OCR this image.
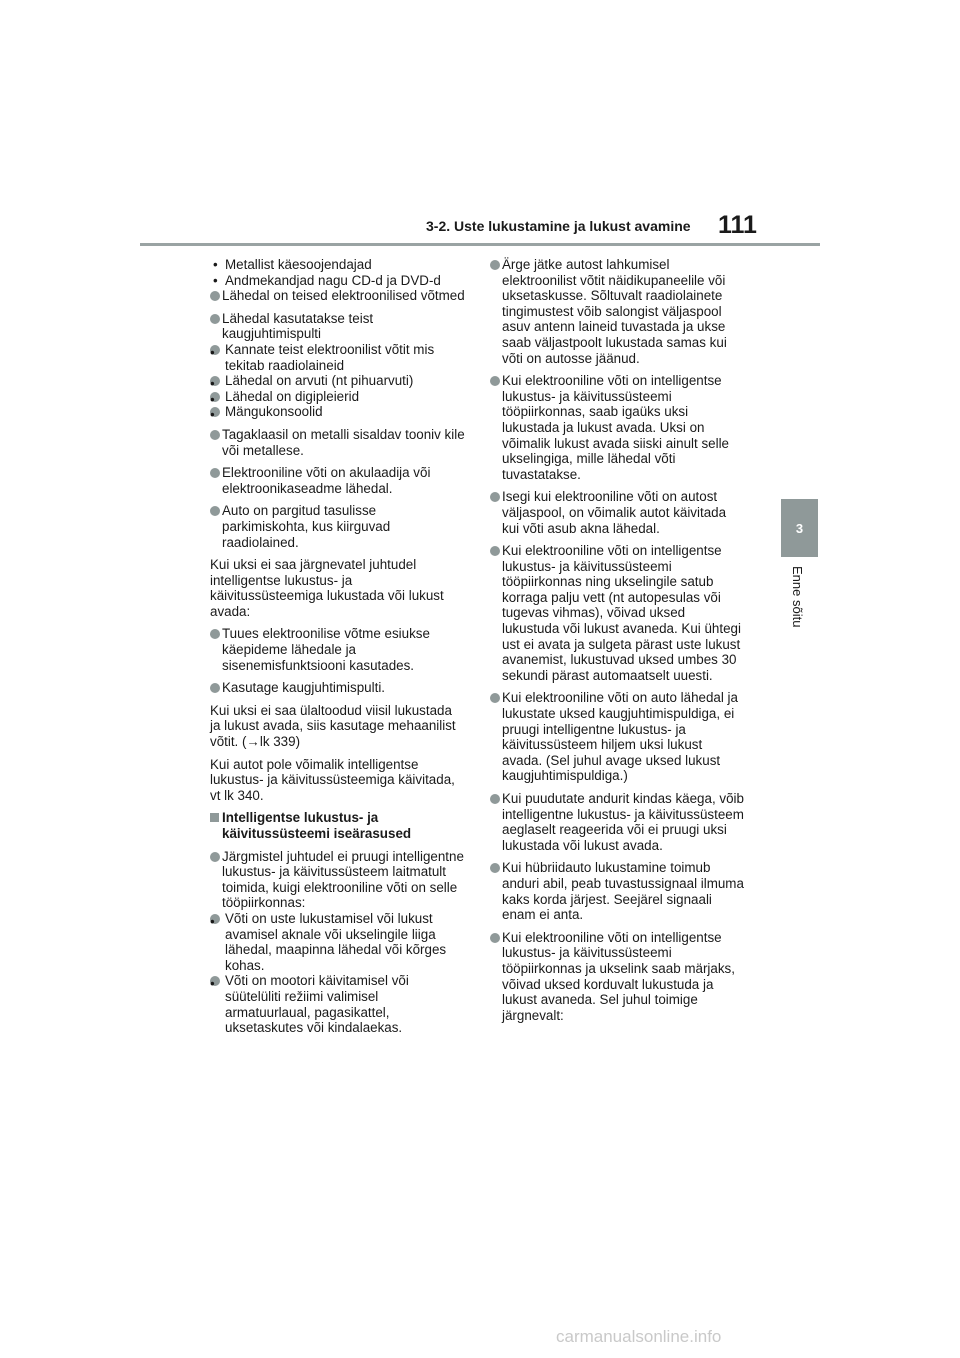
3-2. Uste lukustamine ja lukust avamine 111
3
Enne sõitu
• Metallist käesoojendajad
• Andmekandjad nagu CD-d ja DVD-d
Lähedal on teised elektroonilised võtmed
Lähedal kasutatakse teist kaugjuhtimispulti
• Kannate teist elektroonilist võtit mis tekitab raadiolaineid
• Lähedal on arvuti (nt pihuarvuti)
• Lähedal on digipleierid
• Mängukonsoolid
Tagaklaasil on metalli sisaldav tooniv kile või metallese.
Elektrooniline võti on akulaadija või elektroonikaseadme lähedal.
Auto on pargitud tasulisse parkimiskohta, kus kiirguvad raadiolained.

Kui uksi ei saa järgnevatel juhtudel intelligentse lukustus- ja käivitussüsteemiga lukustada või lukust avada:

Tuues elektroonilise võtme esiukse käepideme lähedale ja sisenemisfunktsiooni kasutades.
Kasutage kaugjuhtimispulti.

Kui uksi ei saa ülaltoodud viisil lukustada ja lukust avada, siis kasutage mehaanilist võtit. (→lk 339)

Kui autot pole võimalik intelligentse lukustus- ja käivitussüsteemiga käivitada, vt lk 340.

Intelligentse lukustus- ja käivitussüsteemi iseärasused
Järgmistel juhtudel ei pruugi intelligentne lukustus- ja käivitussüsteem laitmatult toimida, kuigi elektrooniline võti on selle tööpiirkonnas:
• Võti on uste lukustamisel või lukust avamisel aknale või ukselingile liiga lähedal, maapinna lähedal või kõrges kohas.
• Võti on mootori käivitamisel või süütelüliti režiimi valimisel armatuurlaual, pagasikattel, uksetaskutes või kindalaekas.
Ärge jätke autost lahkumisel elektroonilist võtit näidikupaneelile või uksetaskusse. Sõltuvalt raadiolainete tingimustest võib salongist väljaspool asuv antenn laineid tuvastada ja ukse saab väljastpoolt lukustada samas kui võti on autosse jäänud.
Kui elektrooniline võti on intelligentse lukustus- ja käivitussüsteemi tööpiirkonnas, saab igaüks uksi lukustada ja lukust avada. Uksi on võimalik lukust avada siiski ainult selle ukselingiga, mille lähedal võti tuvastatakse.
Isegi kui elektrooniline võti on autost väljaspool, on võimalik autot käivitada kui võti asub akna lähedal.
Kui elektrooniline võti on intelligentse lukustus- ja käivitussüsteemi tööpiirkonnas ning ukselingile satub korraga palju vett (nt autopesulas või tugevas vihmas), võivad uksed lukustuda või lukust avaneda. Kui ühtegi ust ei avata ja sulgeta pärast uste lukust avanemist, lukustuvad uksed umbes 30 sekundi pärast automaatselt uuesti.
Kui elektrooniline võti on auto lähedal ja lukustate uksed kaugjuhtimispuldiga, ei pruugi intelligentne lukustus- ja käivitussüsteem hiljem uksi lukust avada. (Sel juhul avage uksed lukust kaugjuhtimispuldiga.)
Kui puudutate andurit kindas käega, võib intelligentne lukustus- ja käivitussüsteem aeglaselt reageerida või ei pruugi uksi lukustada või lukust avada.
Kui hübriidauto lukustamine toimub anduri abil, peab tuvastussignaal ilmuma kaks korda järjest. Seejärel signaali enam ei anta.
Kui elektrooniline võti on intelligentse lukustus- ja käivitussüsteemi tööpiirkonnas ja ukselink saab märjaks, võivad uksed korduvalt lukustuda ja lukust avaneda. Sel juhul toimige järgnevalt:
carmanualsonline.info
